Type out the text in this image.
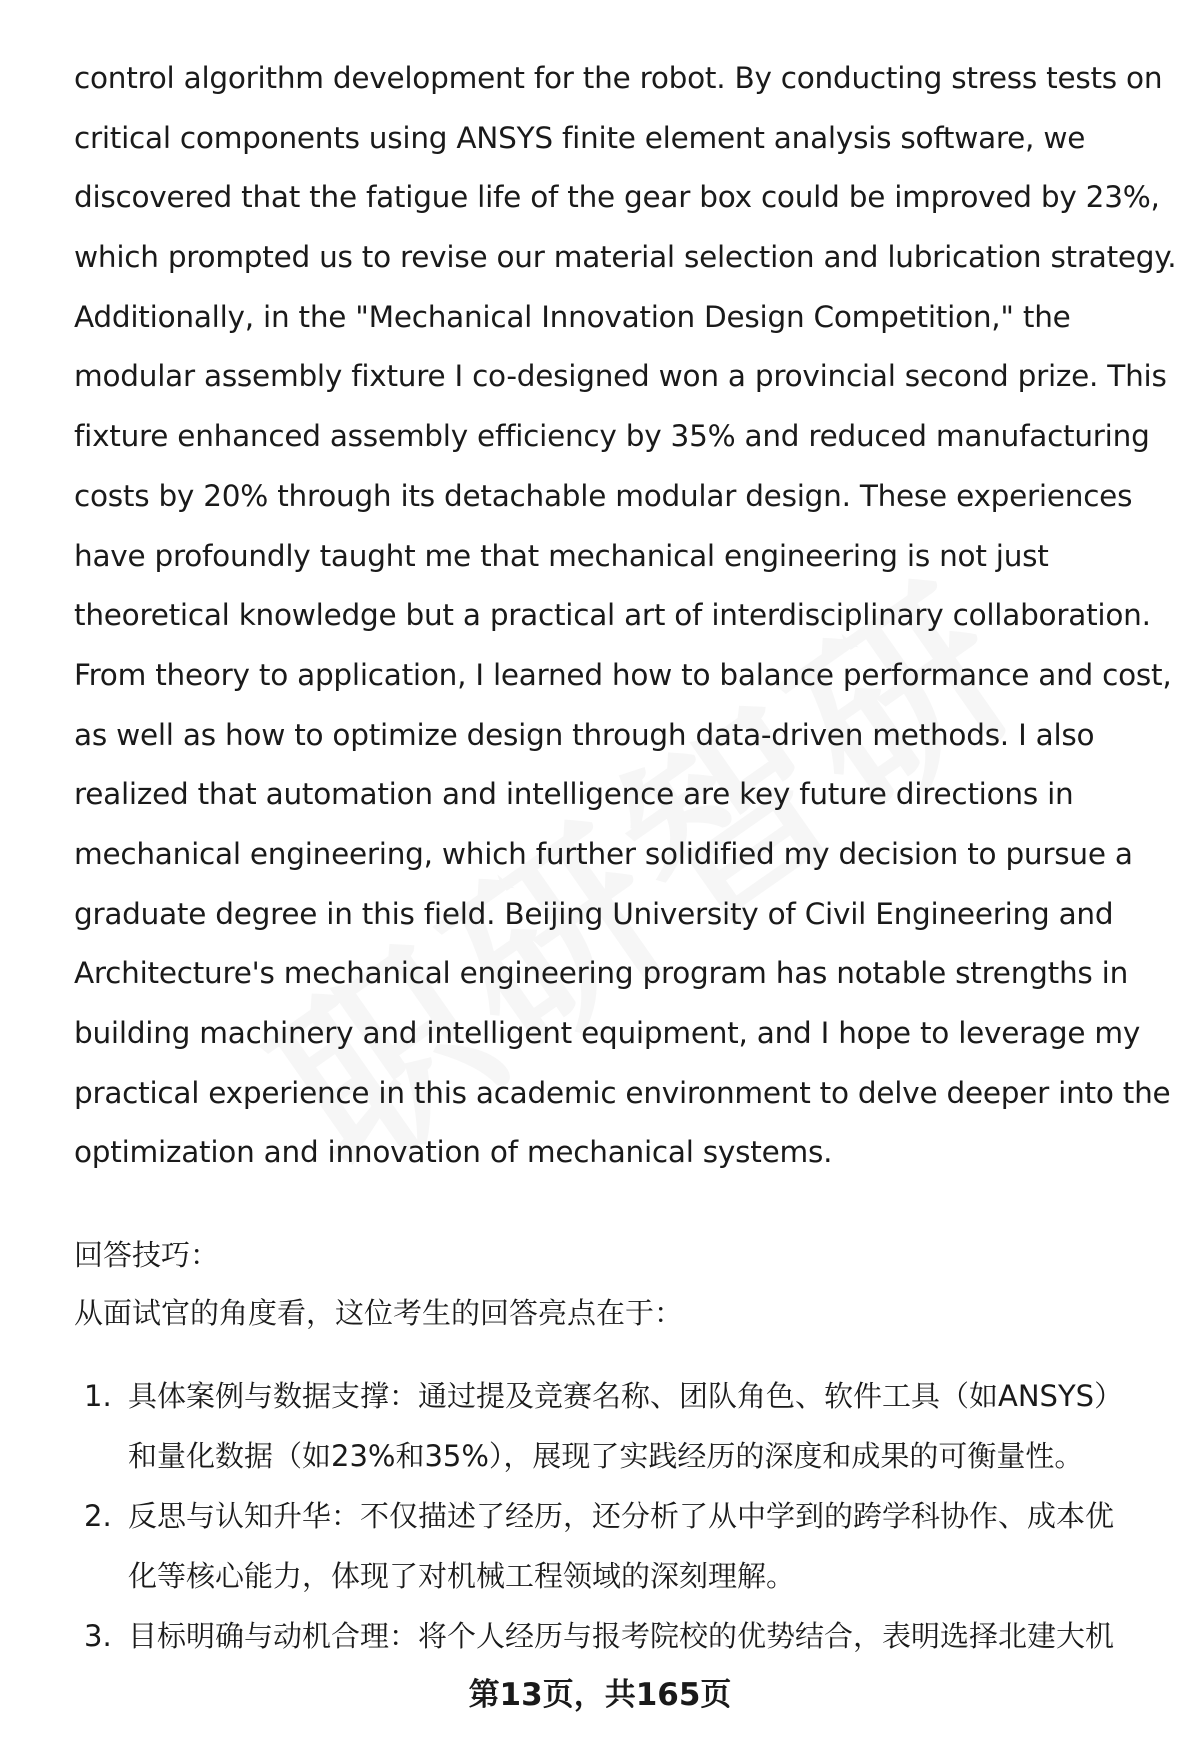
control algorithm development for the robot. By conducting stress tests on
critical components using ANSYS finite element analysis software, we
discovered that the fatigue life of the gear box could be improved by 23%,
which prompted us to revise our material selection and lubrication strategy.
Additionally, in the "Mechanical Innovation Design Competition," the
modular assembly fixture I co-designed won a provincial second prize. This
fixture enhanced assembly efficiency by 35% and reduced manufacturing
costs by 20% through its detachable modular design. These experiences
have profoundly taught me that mechanical engineering is not just
theoretical knowledge but a practical art of interdisciplinary collaboration.
From theory to application, I learned how to balance performance and cost,
as well as how to optimize design through data-driven methods. I also
realized that automation and intelligence are key future directions in
mechanical engineering, which further solidified my decision to pursue a
graduate degree in this field. Beijing University of Civil Engineering and
Architecture's mechanical engineering program has notable strengths in
building machinery and intelligent equipment, and I hope to leverage my
practical experience in this academic environment to delve deeper into the
optimization and innovation of mechanical systems.
回答技巧：
从面试官的角度看，这位考生的回答亮点在于：
1. 具体案例与数据支撑：通过提及竞赛名称、团队角色、软件工具（如ANSYS）
和量化数据（如23%和35%），展现了实践经历的深度和成果的可衡量性。
2. 反思与认知升华：不仅描述了经历，还分析了从中学到的跨学科协作、成本优
化等核心能力，体现了对机械工程领域的深刻理解。
3. 目标明确与动机合理：将个人经历与报考院校的优势结合，表明选择北建大机
第13页，共165页
